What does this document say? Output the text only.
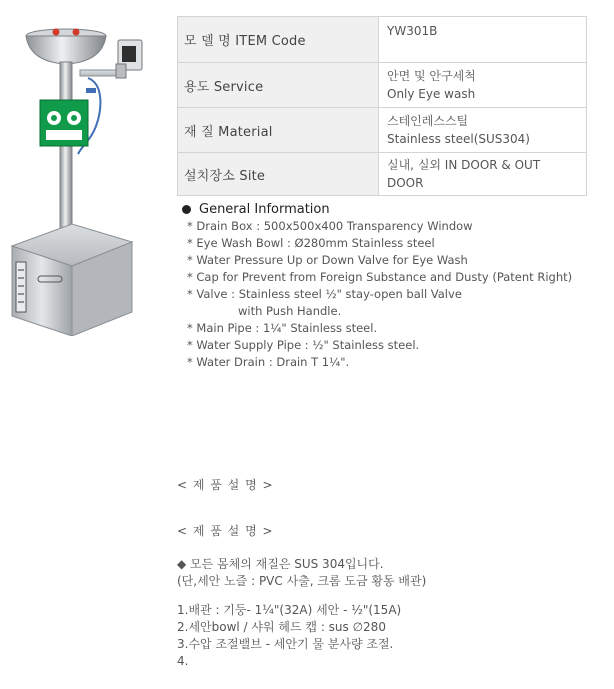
모 델 명 ITEM Code	YW301B

용도 Service	안면 및 안구세척
Only Eye wash

재 질 Material	스테인레스스틸
Stainless steel(SUS304)

설치장소 Site	실내, 실외 IN DOOR & OUT DOOR
General Information
* Drain Box : 500x500x400 Transparency Window
* Eye Wash Bowl : Ø280mm Stainless steel
* Water Pressure Up or Down Valve for Eye Wash
* Cap for Prevent from Foreign Substance and Dusty (Patent Right)
* Valve : Stainless steel ½" stay-open ball Valve
with Push Handle.
* Main Pipe : 1¼" Stainless steel.
* Water Supply Pipe : ½" Stainless steel.
* Water Drain : Drain T 1¼".
< 제 품 설 명 >
< 제 품 설 명 >
◆ 모든 몸체의 재질은 SUS 304입니다.
(단,세안 노즐 : PVC 사출, 크롬 도금 황동 배관)
1.배관 : 기둥- 1¼"(32A) 세안 - ½"(15A)
2.세안bowl / 샤워 헤드 캡 : sus ∅280
3.수압 조절밸브 - 세안기 물 분사량 조절.
4.
